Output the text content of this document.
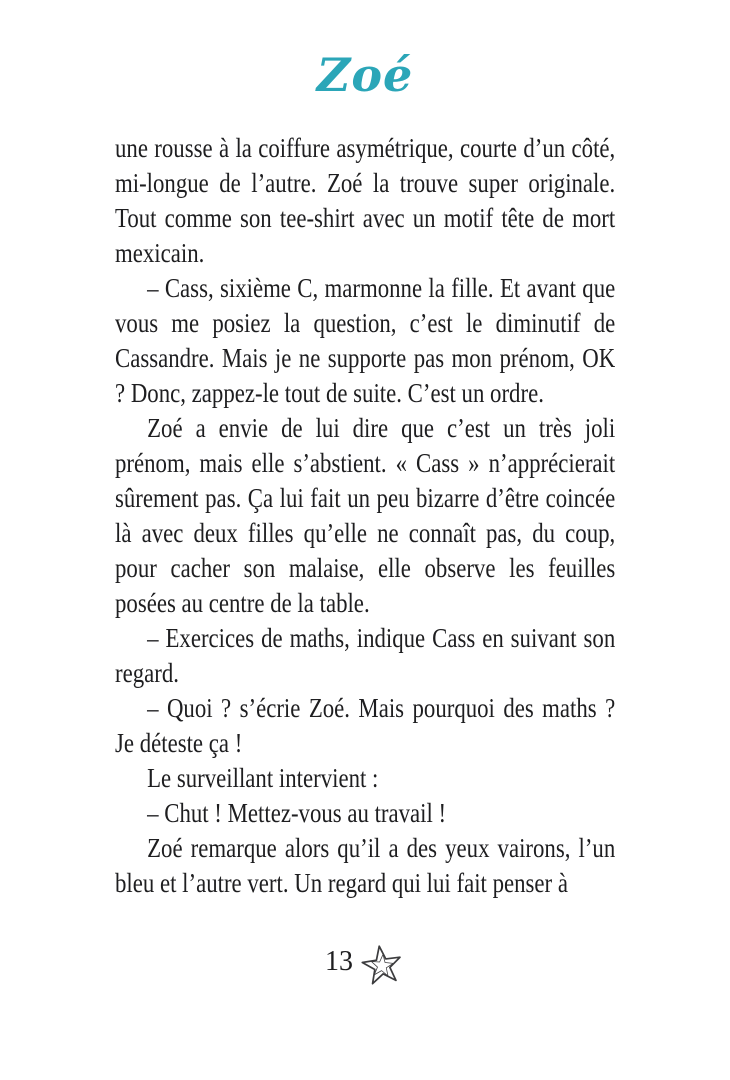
Zoé

une rousse à la coiffure asymétrique, courte d’un côté, mi-longue de l’autre. Zoé la trouve super originale. Tout comme son tee-shirt avec un motif tête de mort mexicain.

– Cass, sixième C, marmonne la fille. Et avant que vous me posiez la question, c’est le diminutif de Cassandre. Mais je ne supporte pas mon prénom, OK ? Donc, zappez-le tout de suite. C’est un ordre.

Zoé a envie de lui dire que c’est un très joli prénom, mais elle s’abstient. « Cass » n’apprécierait sûrement pas. Ça lui fait un peu bizarre d’être coincée là avec deux filles qu’elle ne connaît pas, du coup, pour cacher son malaise, elle observe les feuilles posées au centre de la table.

– Exercices de maths, indique Cass en suivant son regard.

– Quoi ? s’écrie Zoé. Mais pourquoi des maths ? Je déteste ça !

Le surveillant intervient :

– Chut ! Mettez-vous au travail !

Zoé remarque alors qu’il a des yeux vairons, l’un bleu et l’autre vert. Un regard qui lui fait penser à

13
